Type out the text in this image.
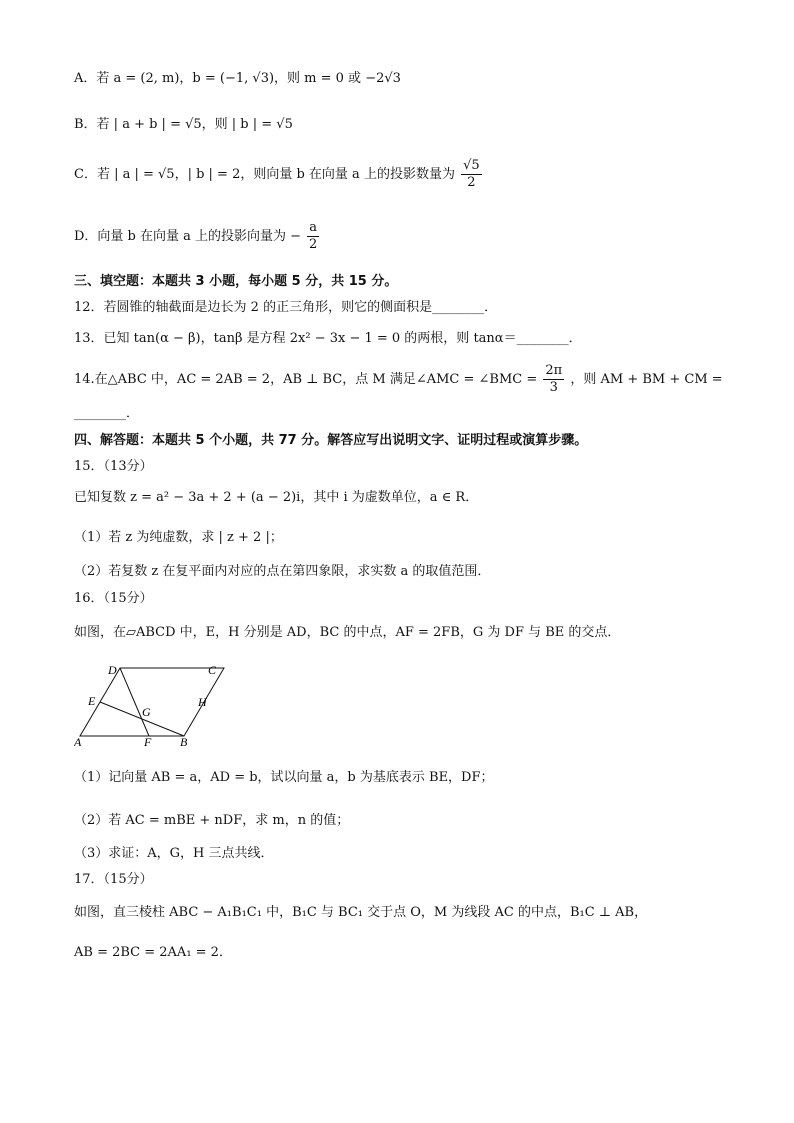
A．若 a = (2, m)，b = (−1, √3)，则 m = 0 或 −2√3
B．若 | a + b | = √5，则 | b | = √5
C．若 | a | = √5，| b | = 2，则向量 b 在向量 a 上的投影数量为 $\frac{√5}{2}$
D．向量 b 在向量 a 上的投影向量为 − $\frac{a}{2}$
三、填空题：本题共 3 小题，每小题 5 分，共 15 分。
12．若圆锥的轴截面是边长为 2 的正三角形，则它的侧面积是________．
13．已知 tan(α − β)，tanβ 是方程 2x² − 3x − 1 = 0 的两根，则 tanα＝________．
14.在△ABC 中，AC = 2AB = 2，AB ⊥ BC，点 M 满足∠AMC = ∠BMC = $\frac{2\pi}{3}$ ，则 AM + BM + CM =
________．
四、解答题：本题共 5 个小题，共 77 分。解答应写出说明文字、证明过程或演算步骤。
15．（13分）
已知复数 z = a² − 3a + 2 + (a − 2)i，其中 i 为虚数单位，a ∈ R．
（1）若 z 为纯虚数，求 | z + 2 |；
（2）若复数 z 在复平面内对应的点在第四象限，求实数 a 的取值范围．
16．（15分）
如图，在▱ABCD 中，E，H 分别是 AD，BC 的中点，AF = 2FB，G 为 DF 与 BE 的交点．
A	B
C
D
E
F
G
H
（1）记向量 AB = a，AD = b，试以向量 a，b 为基底表示 BE，DF；
（2）若 AC = mBE + nDF，求 m，n 的值；
（3）求证：A，G，H 三点共线．
17．（15分）
如图，直三棱柱 ABC − A₁B₁C₁ 中，B₁C 与 BC₁ 交于点 O，M 为线段 AC 的中点，B₁C ⊥ AB，
AB = 2BC = 2AA₁ = 2．
